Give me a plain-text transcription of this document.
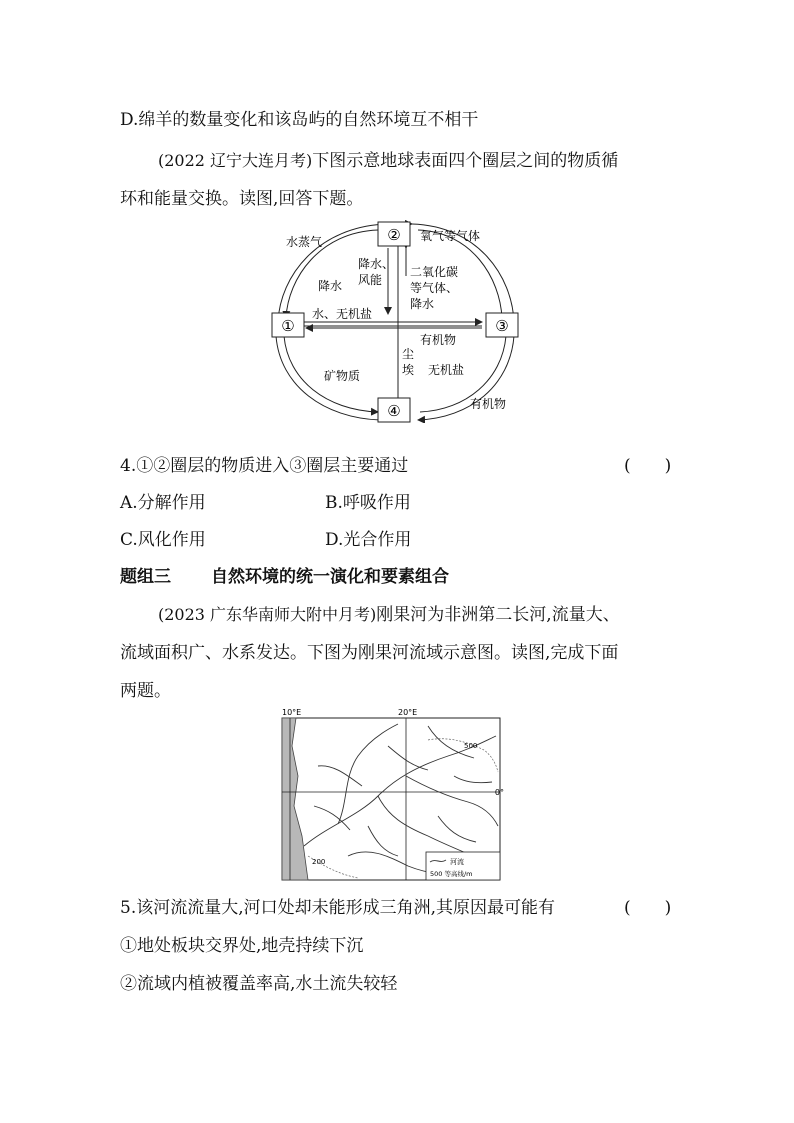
D.绵羊的数量变化和该岛屿的自然环境互不相干
(2022 辽宁大连月考)下图示意地球表面四个圈层之间的物质循
环和能量交换。读图,回答下题。
②
①	③
④
水蒸气	氧气等气体
降水
降水、
风能
二氧化碳
等气体、
降水
水、无机盐
有机物
尘
埃
矿物质	无机盐
有机物
4.①②圈层的物质进入③圈层主要通过	(　　)
A.分解作用	B.呼吸作用
C.风化作用	D.光合作用
题组三 自然环境的统一演化和要素组合
(2023 广东华南师大附中月考)刚果河为非洲第二长河,流量大、
流域面积广、水系发达。下图为刚果河流域示意图。读图,完成下面
两题。
10°E	20°E
0°
500
200	河流
500 等高线/m
5.该河流流量大,河口处却未能形成三角洲,其原因最可能有	(　　)
①地处板块交界处,地壳持续下沉
②流域内植被覆盖率高,水土流失较轻
